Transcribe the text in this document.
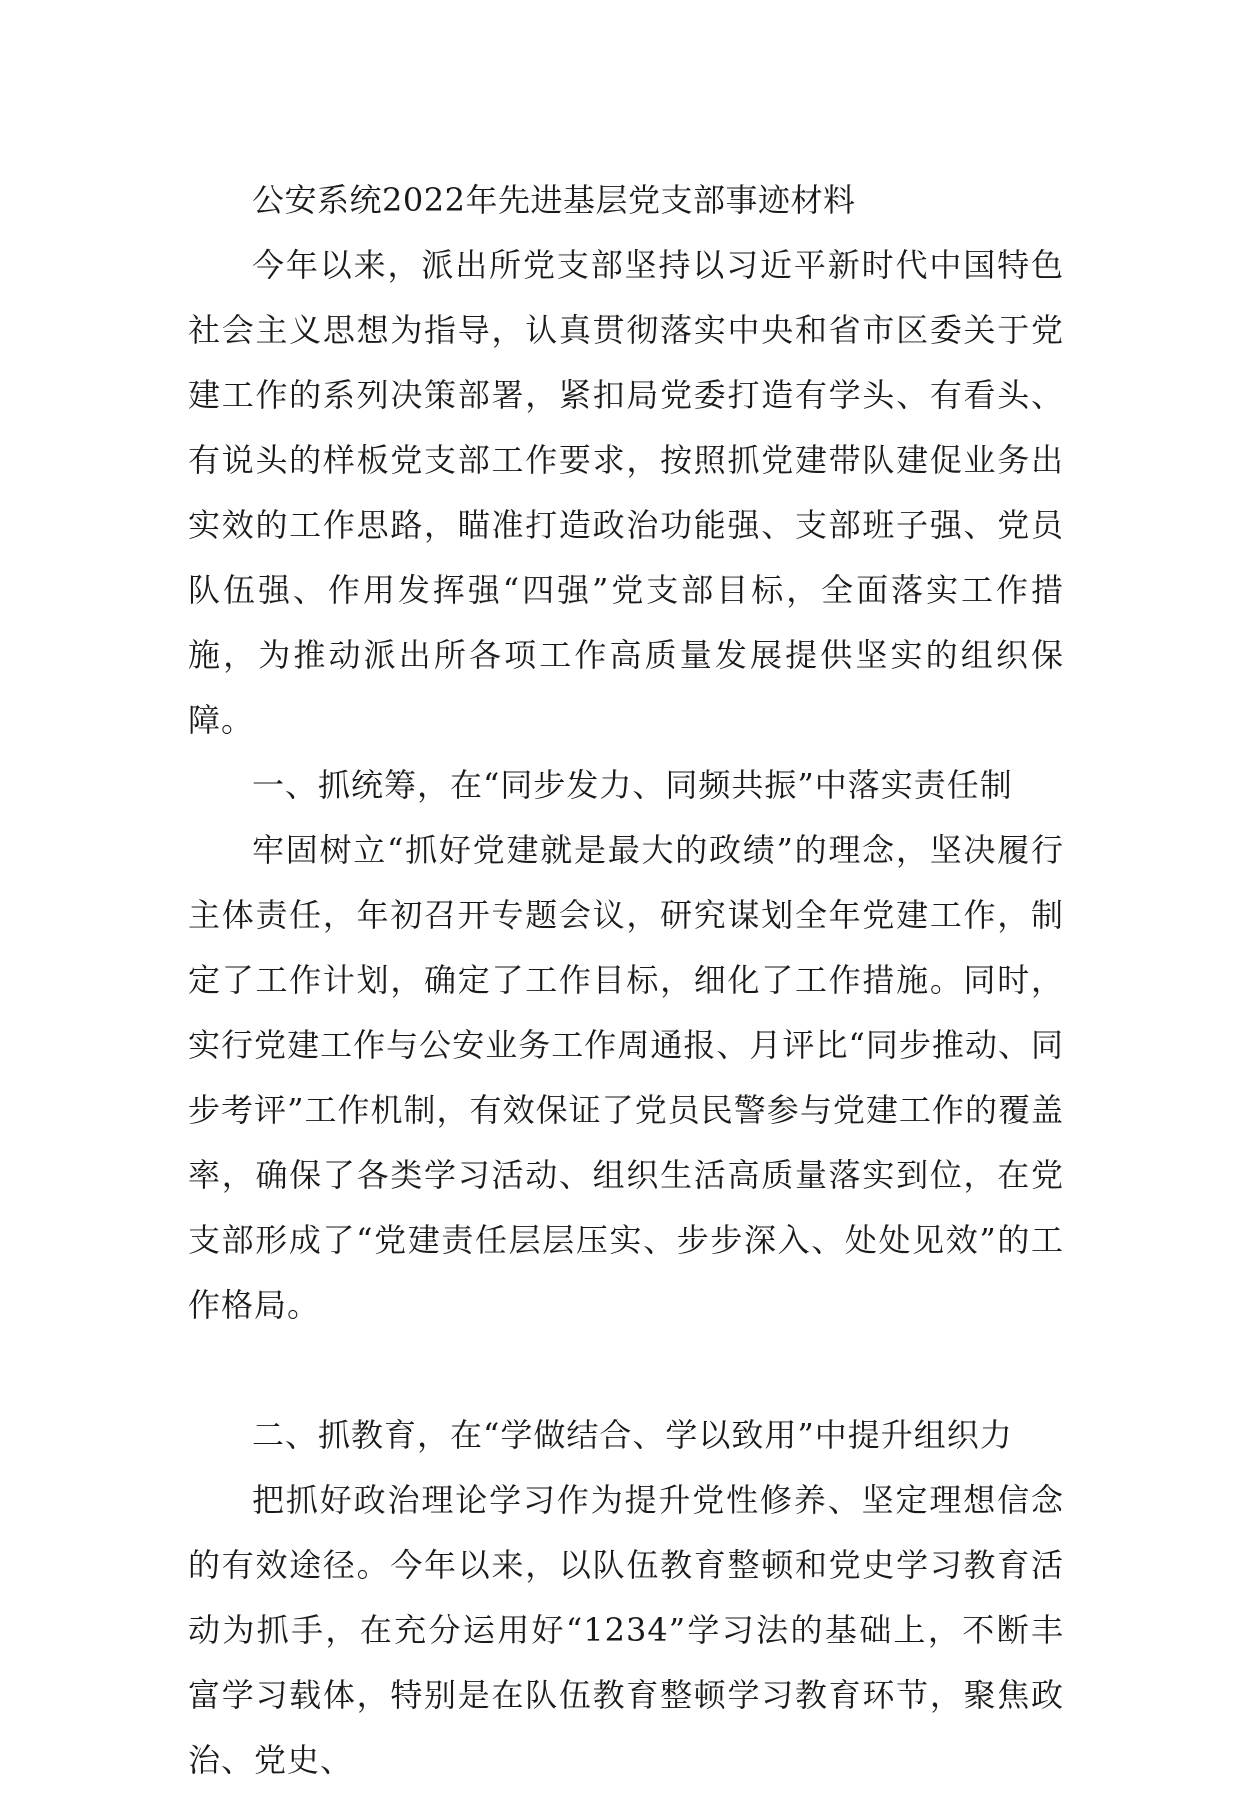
公安系统2022年先进基层党支部事迹材料

今年以来，派出所党支部坚持以习近平新时代中国特色社会主义思想为指导，认真贯彻落实中央和省市区委关于党建工作的系列决策部署，紧扣局党委打造有学头、有看头、有说头的样板党支部工作要求，按照抓党建带队建促业务出实效的工作思路，瞄准打造政治功能强、支部班子强、党员队伍强、作用发挥强“四强”党支部目标，全面落实工作措施，为推动派出所各项工作高质量发展提供坚实的组织保障。

一、抓统筹，在“同步发力、同频共振”中落实责任制

牢固树立“抓好党建就是最大的政绩”的理念，坚决履行主体责任，年初召开专题会议，研究谋划全年党建工作，制定了工作计划，确定了工作目标，细化了工作措施。同时，实行党建工作与公安业务工作周通报、月评比“同步推动、同步考评”工作机制，有效保证了党员民警参与党建工作的覆盖率，确保了各类学习活动、组织生活高质量落实到位，在党支部形成了“党建责任层层压实、步步深入、处处见效”的工作格局。

二、抓教育，在“学做结合、学以致用”中提升组织力

把抓好政治理论学习作为提升党性修养、坚定理想信念的有效途径。今年以来，以队伍教育整顿和党史学习教育活动为抓手，在充分运用好“1234”学习法的基础上，不断丰富学习载体，特别是在队伍教育整顿学习教育环节，聚焦政治、党史、
